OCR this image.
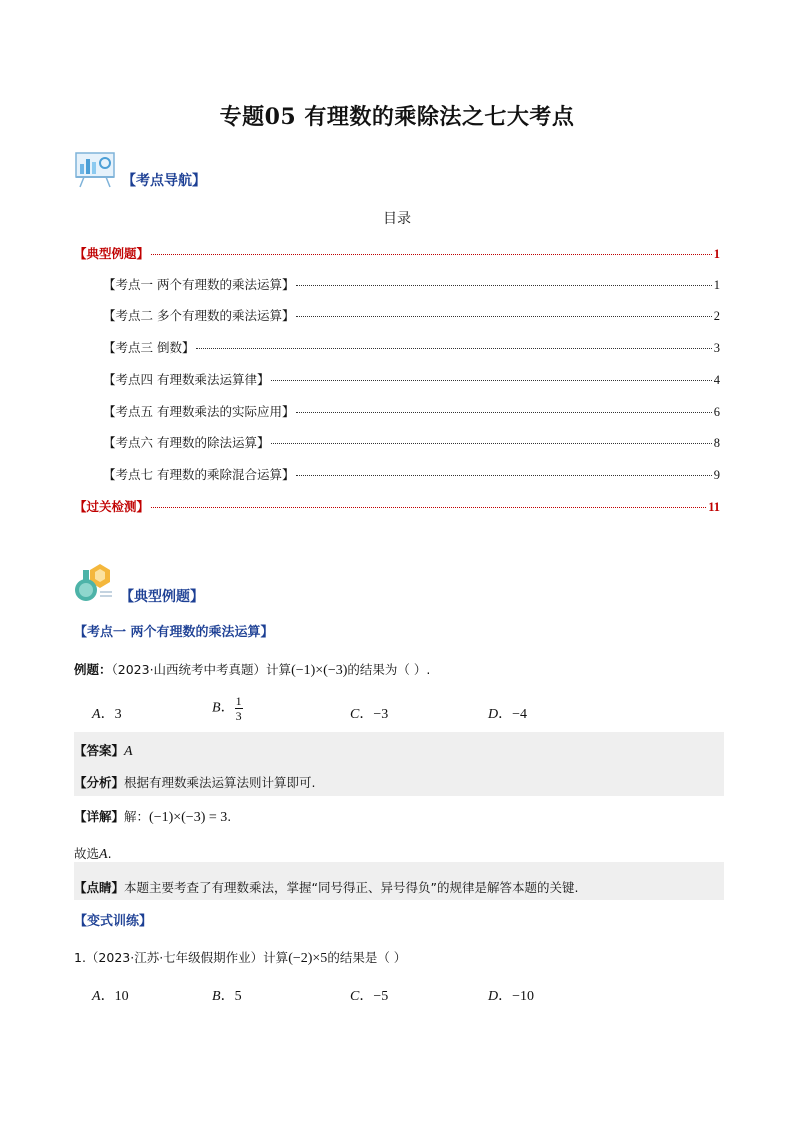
专题05 有理数的乘除法之七大考点
【考点导航】
目录
【典型例题】	1
【考点一 两个有理数的乘法运算】	1
【考点二 多个有理数的乘法运算】	2
【考点三 倒数】	3
【考点四 有理数乘法运算律】	4
【考点五 有理数乘法的实际应用】	6
【考点六 有理数的除法运算】	8
【考点七 有理数的乘除混合运算】	9
【过关检测】	11
【典型例题】
【考点一 两个有理数的乘法运算】
例题：（2023·山西统考中考真题）计算(−1)×(−3)的结果为（ ）.
A．3	B． $\frac{1}{3}$	C．−3	D．−4
【答案】A
【分析】根据有理数乘法运算法则计算即可.
【详解】解：(−1)×(−3) = 3.
故选A.
【点睛】本题主要考查了有理数乘法，掌握“同号得正、异号得负”的规律是解答本题的关键.
【变式训练】
1.（2023·江苏·七年级假期作业）计算(−2)×5的结果是（ ）
A．10	B．5	C．−5	D．−10
